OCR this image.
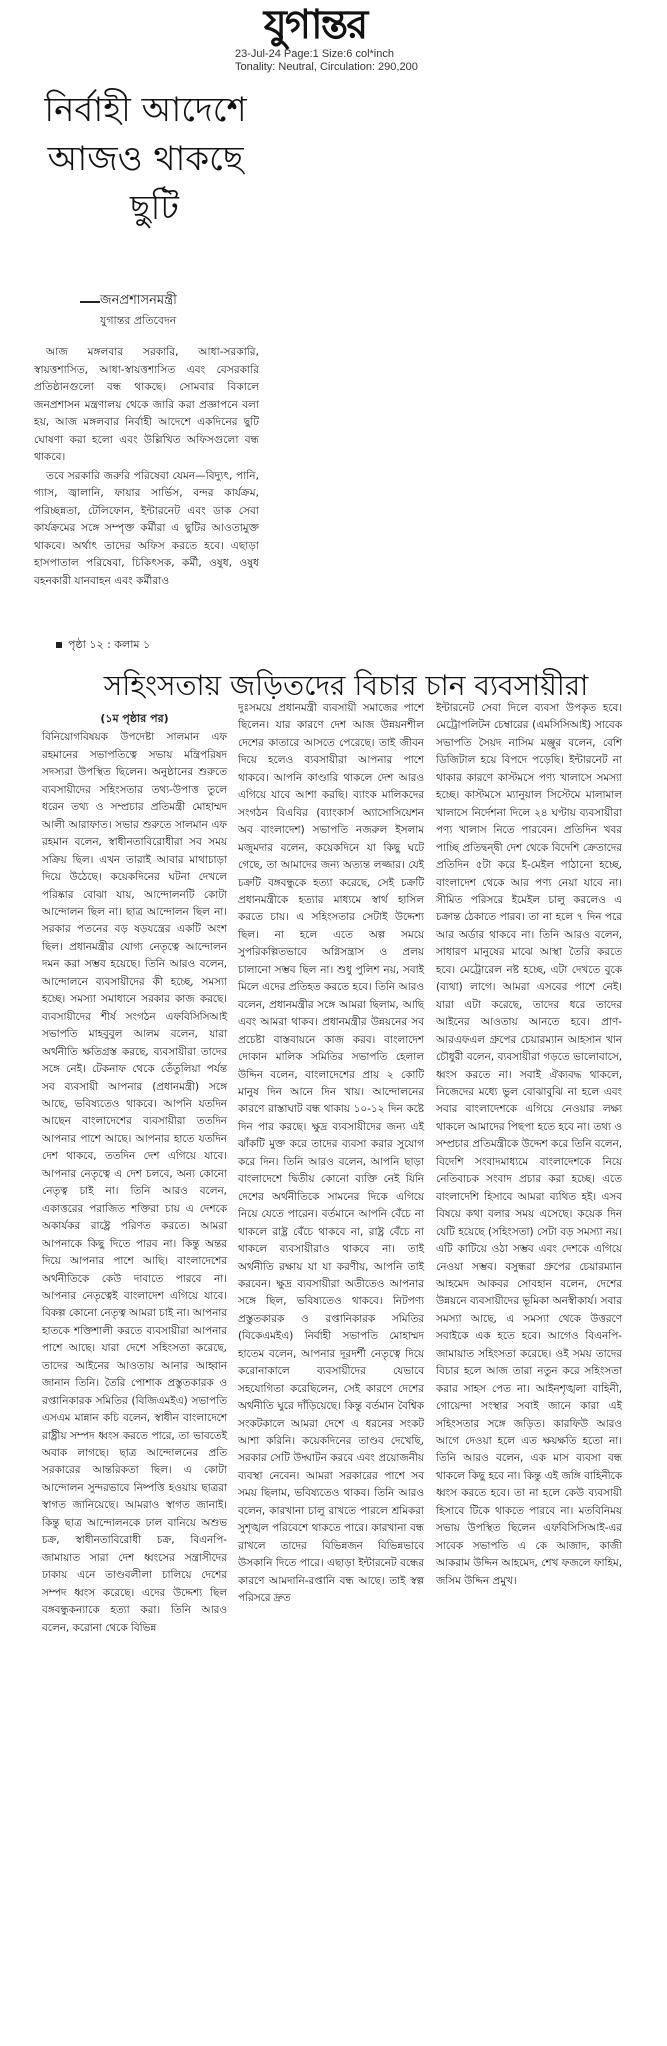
যুগান্তর
23-Jul-24 Page:1 Size:6 col*inch
Tonality: Neutral, Circulation: 290,200
নির্বাহী আদেশে
আজও থাকছে
ছুটি
জনপ্রশাসনমন্ত্রী
যুগান্তর প্রতিবেদন

আজ মঙ্গলবার সরকারি, আধা-সরকারি, স্বায়ত্তশাসিত, আধা-স্বায়ত্তশাসিত এবং বেসরকারি প্রতিষ্ঠানগুলো বন্ধ থাকছে। সোমবার বিকালে জনপ্রশাসন মন্ত্রণালয় থেকে জারি করা প্রজ্ঞাপনে বলা হয়, আজ মঙ্গলবার নির্বাহী আদেশে একদিনের ছুটি ঘোষণা করা হলো এবং উল্লিখিত অফিসগুলো বন্ধ থাকবে।

তবে সরকারি জরুরি পরিষেবা যেমন—বিদ্যুৎ, পানি, গ্যাস, জ্বালানি, ফায়ার সার্ভিস, বন্দর কার্যক্রম, পরিচ্ছন্নতা, টেলিফোন, ইন্টারনেট এবং ডাক সেবা কার্যক্রমের সঙ্গে সম্পৃক্ত কর্মীরা এ ছুটির আওতামুক্ত থাকবে। অর্থাৎ তাদের অফিস করতে হবে। এছাড়া হাসপাতাল পরিষেবা, চিকিৎসক, কর্মী, ওষুধ, ওষুধ বহনকারী যানবাহন এবং কর্মীরাও

পৃষ্ঠা ১২ : কলাম ১
সহিংসতায় জড়িতদের বিচার চান ব্যবসায়ীরা
(১ম পৃষ্ঠার পর)

বিনিয়োগবিষয়ক উপদেষ্টা সালমান এফ রহমানের সভাপতিত্বে সভায় মন্ত্রিপরিষদ সদস্যরা উপস্থিত ছিলেন। অনুষ্ঠানের শুরুতে ব্যবসায়ীদের সহিংসতার তথ্য-উপাত্ত তুলে ধরেন তথ্য ও সম্প্রচার প্রতিমন্ত্রী মোহাম্মদ আলী আরাফাত। সভার শুরুতে সালমান এফ রহমান বলেন, স্বাধীনতাবিরোধীরা সব সময় সক্রিয় ছিল। এখন তারাই আবার মাথাচাড়া দিয়ে উঠেছে। কয়েকদিনের ঘটনা দেখলে পরিষ্কার বোঝা যায়, আন্দোলনটি কোটা আন্দোলন ছিল না। ছাত্র আন্দোলন ছিল না। সরকার পতনের বড় ষড়যন্ত্রের একটি অংশ ছিল। প্রধানমন্ত্রীর যোগ্য নেতৃত্বে আন্দোলন দমন করা সম্ভব হয়েছে। তিনি আরও বলেন, আন্দোলনে ব্যবসায়ীদের কী হচ্ছে, সমস্যা হচ্ছে। সমস্যা সমাধানে সরকার কাজ করছে। ব্যবসায়ীদের শীর্ষ সংগঠন এফবিসিসিআই সভাপতি মাহবুবুল আলম বলেন, যারা অর্থনীতি ক্ষতিগ্রস্ত করছে, ব্যবসায়ীরা তাদের সঙ্গে নেই। টেকনাফ থেকে তেঁতুলিয়া পর্যন্ত সব ব্যবসায়ী আপনার (প্রধানমন্ত্রী) সঙ্গে আছে, ভবিষ্যতেও থাকবে। আপনি যতদিন আছেন বাংলাদেশের ব্যবসায়ীরা ততদিন আপনার পাশে আছে। আপনার হাতে যতদিন দেশ থাকবে, ততদিন দেশ এগিয়ে যাবে। আপনার নেতৃত্বে এ দেশ চলবে, অন্য কোনো নেতৃত্ব চাই না। তিনি আরও বলেন, একাত্তরের পরাজিত শক্তিরা চায় এ দেশকে অকার্যকর রাষ্ট্রে পরিণত করতে। আমরা আপনাকে কিছু দিতে পারব না। কিন্তু অন্তর দিয়ে আপনার পাশে আছি। বাংলাদেশের অর্থনীতিকে কেউ দাবাতে পারবে না। আপনার নেতৃত্বেই বাংলাদেশ এগিয়ে যাবে। বিকল্প কোনো নেতৃত্ব আমরা চাই না। আপনার হাতকে শক্তিশালী করতে ব্যবসায়ীরা আপনার পাশে আছে। যারা দেশে সহিংসতা করেছে, তাদের আইনের আওতায় আনার আহ্বান জানান তিনি। তৈরি পোশাক প্রস্তুতকারক ও রপ্তানিকারক সমিতির (বিজিএমইএ) সভাপতি এসএম মান্নান কচি বলেন, স্বাধীন বাংলাদেশে রাষ্ট্রীয় সম্পদ ধ্বংস করতে পারে, তা ভাবতেই অবাক লাগছে। ছাত্র আন্দোলনের প্রতি সরকারের আন্তরিকতা ছিল। এ কোটা আন্দোলন সুন্দরভাবে নিষ্পত্তি হওয়ায় ছাত্ররা স্বাগত জানিয়েছে। আমরাও স্বাগত জানাই। কিন্তু ছাত্র আন্দোলনকে ঢাল বানিয়ে অশুভ চক্র, স্বাধীনতাবিরোধী চক্র, বিএনপি-জামায়াত সারা দেশ ধ্বংসের সন্ত্রাসীদের ঢাকায় এনে তাণ্ডবলীলা চালিয়ে দেশের সম্পদ ধ্বংস করেছে। এদের উদ্দেশ্য ছিল বঙ্গবন্ধুকন্যাকে হত্যা করা। তিনি আরও বলেন, করোনা থেকে বিভিন্ন

দুঃসময়ে প্রধানমন্ত্রী ব্যবসায়ী সমাজের পাশে ছিলেন। যার কারণে দেশ আজ উন্নয়নশীল দেশের কাতারে আসতে পেরেছে। তাই জীবন দিয়ে হলেও ব্যবসায়ীরা আপনার পাশে থাকবে। আপনি কাণ্ডারি থাকলে দেশ আরও এগিয়ে যাবে আশা করছি। ব্যাংক মালিকদের সংগঠন বিএবির (ব্যাংকার্স অ্যাসোসিয়েশন অব বাংলাদেশ) সভাপতি নজরুল ইসলাম মজুমদার বলেন, কয়েকদিনে যা কিছু ঘটে গেছে, তা আমাদের জন্য অত্যন্ত লজ্জার। যেই চক্রটি বঙ্গবন্ধুকে হত্যা করেছে, সেই চক্রটি প্রধানমন্ত্রীকে হত্যার মাধ্যমে স্বার্থ হাসিল করতে চায়। এ সহিংসতার সেটাই উদ্দেশ্য ছিল। না হলে এতে অল্প সময়ে সুপরিকল্পিতভাবে অগ্নিসন্ত্রাস ও প্রলয় চালানো সম্ভব ছিল না। শুধু পুলিশ নয়, সবাই মিলে এদের প্রতিহত করতে হবে। তিনি আরও বলেন, প্রধানমন্ত্রীর সঙ্গে আমরা ছিলাম, আছি এবং আমরা থাকব। প্রধানমন্ত্রীর উন্নয়নের সব প্রচেষ্টা বাস্তবায়নে কাজ করব। বাংলাদেশ দোকান মালিক সমিতির সভাপতি হেলাল উদ্দিন বলেন, বাংলাদেশের প্রায় ২ কোটি মানুষ দিন আনে দিন খায়। আন্দোলনের কারণে রাস্তাঘাট বন্ধ থাকায় ১০-১২ দিন কষ্টে দিন পার করছে। ক্ষুদ্র ব্যবসায়ীদের জন্য এই ঝাঁকটি মুক্ত করে তাদের ব্যবসা করার সুযোগ করে দিন। তিনি আরও বলেন, আপনি ছাড়া বাংলাদেশে দ্বিতীয় কোনো ব্যক্তি নেই যিনি দেশের অর্থনীতিকে সামনের দিকে এগিয়ে নিয়ে যেতে পারেন। বর্তমানে আপনি বেঁচে না থাকলে রাষ্ট্র বেঁচে থাকবে না, রাষ্ট্র বেঁচে না থাকলে ব্যবসায়ীরাও থাকবে না। তাই অর্থনীতি রক্ষায় যা যা করণীয়, আপনি তাই করবেন। ক্ষুদ্র ব্যবসায়ীরা অতীতেও আপনার সঙ্গে ছিল, ভবিষ্যতেও থাকবে। নিটপণ্য প্রস্তুতকারক ও রপ্তানিকারক সমিতির (বিকেএমইএ) নির্বাহী সভাপতি মোহাম্মদ হাতেম বলেন, আপনার দূরদর্শী নেতৃত্বে দিয়ে করোনাকালে ব্যবসায়ীদের যেভাবে সহযোগিতা করেছিলেন, সেই কারণে দেশের অর্থনীতি ঘুরে দাঁড়িয়েছে। কিন্তু বর্তমান বৈশ্বিক সংকটকালে আমরা দেশে এ ধরনের সংকট আশা করিনি। কয়েকদিনের তাণ্ডব দেখেছি, সরকার সেটি উদ্ঘাটন করবে এবং প্রয়োজনীয় ব্যবস্থা নেবেন। আমরা সরকারের পাশে সব সময় ছিলাম, ভবিষ্যতেও থাকব। তিনি আরও বলেন, কারখানা চালু রাখতে পারলে শ্রমিকরা সুশৃঙ্খল পরিবেশে থাকতে পারে। কারখানা বন্ধ রাখলে তাদের বিভিন্নজন বিভিন্নভাবে উসকানি দিতে পারে। এছাড়া ইন্টারনেট বন্ধের কারণে আমদানি-রপ্তানি বন্ধ আছে। তাই স্বল্প পরিসরে দ্রুত

ইন্টারনেট সেবা দিলে ব্যবসা উপকৃত হবে। মেট্রোপলিটন চেম্বারের (এমসিসিআই) সাবেক সভাপতি সৈয়দ নাসিম মঞ্জুর বলেন, বেশি ডিজিটাল হয়ে বিপদে পড়েছি। ইন্টারনেট না থাকার কারণে কাস্টমসে পণ্য খালাসে সমস্যা হচ্ছে। কাস্টমসে ম্যানুয়াল সিস্টেমে মালামাল খালাসে নির্দেশনা দিলে ২৪ ঘণ্টায় ব্যবসায়ীরা পণ্য খালাস নিতে পারবেন। প্রতিদিন খবর পাচ্ছি প্রতিদ্বন্দ্বী দেশ থেকে বিদেশি ক্রেতাদের প্রতিদিন ৫টা করে ই-মেইল পাঠানো হচ্ছে, বাংলাদেশ থেকে আর পণ্য নেয়া যাবে না। সীমিত পরিসরে ইমেইল চালু করলেও এ চক্রান্ত ঠেকাতে পারব। তা না হলে ৭ দিন পরে আর অর্ডার থাকবে না। তিনি আরও বলেন, সাধারণ মানুষের মাঝে আস্থা তৈরি করতে হবে। মেট্রোরেল নষ্ট হচ্ছে, এটা দেখতে বুকে (ব্যথা) লাগে। আমরা এসবের পাশে নেই। যারা এটা করেছে, তাদের ধরে তাদের আইনের আওতায় আনতে হবে। প্রাণ-আরএফএল গ্রুপের চেয়ারম্যান আহসান খান চৌধুরী বলেন, ব্যবসায়ীরা গড়তে ভালোবাসে, ধ্বংস করতে না। সবাই ঐক্যবদ্ধ থাকলে, নিজেদের মধ্যে ভুল বোঝাবুঝি না হলে এবং সবার বাংলাদেশকে এগিয়ে নেওয়ার লক্ষ্য থাকলে আমাদের পিছপা হতে হবে না। তথ্য ও সম্প্রচার প্রতিমন্ত্রীকে উদ্দেশ করে তিনি বলেন, বিদেশি সংবাদমাধ্যমে বাংলাদেশকে নিয়ে নেতিবাচক সংবাদ প্রচার করা হচ্ছে। এতে বাংলাদেশি হিসাবে আমরা ব্যথিত হই। এসব বিষয়ে কথা বলার সময় এসেছে। কয়েক দিন যেটি হয়েছে (সহিংসতা) সেটা বড় সমস্যা নয়। এটি কাটিয়ে ওঠা সম্ভব এবং দেশকে এগিয়ে নেওয়া সম্ভব। বসুন্ধরা গ্রুপের চেয়ারম্যান আহমেদ আকবর সোবহান বলেন, দেশের উন্নয়নে ব্যবসায়ীদের ভূমিকা অনস্বীকার্য। সবার সমস্যা আছে, এ সমস্যা থেকে উত্তরণে সবাইকে এক হতে হবে। আগেও বিএনপি-জামায়াত সহিংসতা করেছে। ওই সময় তাদের বিচার হলে আজ তারা নতুন করে সহিংসতা করার সাহস পেত না। আইনশৃঙ্খলা বাহিনী, গোয়েন্দা সংস্থার সবাই জানে কারা এই সহিংসতার সঙ্গে জড়িত। কারফিউ আরও আগে দেওয়া হলে এত ক্ষয়ক্ষতি হতো না। তিনি আরও বলেন, এক মাস ব্যবসা বন্ধ থাকলে কিছু হবে না। কিন্তু এই জঙ্গি বাহিনীকে ধ্বংস করতে হবে। তা না হলে কেউ ব্যবসায়ী হিসাবে টিকে থাকতে পারবে না। মতবিনিময় সভায় উপস্থিত ছিলেন এফবিসিসিআই-এর সাবেক সভাপতি এ কে আজাদ, কাজী আকরাম উদ্দিন আহমেদ, শেখ ফজলে ফাহিম, জসিম উদ্দিন প্রমুখ।
